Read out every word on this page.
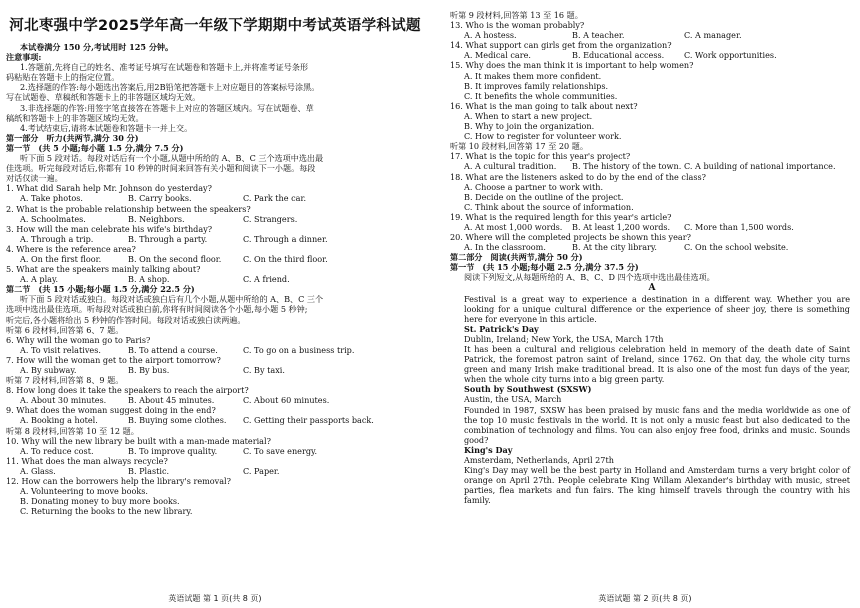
河北枣强中学2025学年高一年级下学期期中考试英语学科试题
本试卷满分 150 分,考试用时 125 分钟。
注意事项:
1.答题前,先将自己的姓名、准考证号填写在试题卷和答题卡上,并将准考证号条形
码粘贴在答题卡上的指定位置。
2.选择题的作答:每小题选出答案后,用2B铅笔把答题卡上对应题目的答案标号涂黑。
写在试题卷、草稿纸和答题卡上的非答题区域均无效。
3.非选择题的作答:用签字笔直接答在答题卡上对应的答题区域内。写在试题卷、草
稿纸和答题卡上的非答题区域均无效。
4.考试结束后,请将本试题卷和答题卡一并上交。
第一部分　听力(共两节,满分 30 分)
第一节　(共 5 小题;每小题 1.5 分,满分 7.5 分)
听下面 5 段对话。每段对话后有一个小题,从题中所给的 A、B、C 三个选项中选出最
佳选项。听完每段对话后,你都有 10 秒钟的时间来回答有关小题和阅读下一小题。每段
对话仅读一遍。
1. What did Sarah help Mr. Johnson do yesterday?
A. Take photos.	B. Carry books.	C. Park the car.
2. What is the probable relationship between the speakers?
A. Schoolmates.	B. Neighbors.	C. Strangers.
3. How will the man celebrate his wife's birthday?
A. Through a trip.	B. Through a party.	C. Through a dinner.
4. Where is the reference area?
A. On the first floor.	B. On the second floor.	C. On the third floor.
5. What are the speakers mainly talking about?
A. A play.	B. A shop.	C. A friend.
第二节　(共 15 小题;每小题 1.5 分,满分 22.5 分)
听下面 5 段对话或独白。每段对话或独白后有几个小题,从题中所给的 A、B、C 三个
选项中选出最佳选项。听每段对话或独白前,你将有时间阅读各个小题,每小题 5 秒钟;
听完后,各小题将给出 5 秒钟的作答时间。每段对话或独白读两遍。
听第 6 段材料,回答第 6、7 题。
6. Why will the woman go to Paris?
A. To visit relatives.	B. To attend a course.	C. To go on a business trip.
7. How will the woman get to the airport tomorrow?
A. By subway.	B. By bus.	C. By taxi.
听第 7 段材料,回答第 8、9 题。
8. How long does it take the speakers to reach the airport?
A. About 30 minutes.	B. About 45 minutes.	C. About 60 minutes.
9. What does the woman suggest doing in the end?
A. Booking a hotel.	B. Buying some clothes.	C. Getting their passports back.
听第 8 段材料,回答第 10 至 12 题。
10. Why will the new library be built with a man-made material?
A. To reduce cost.	B. To improve quality.	C. To save energy.
11. What does the man always recycle?
A. Glass.	B. Plastic.	C. Paper.
12. How can the borrowers help the library's removal?
A. Volunteering to move books.
B. Donating money to buy more books.
C. Returning the books to the new library.
听第 9 段材料,回答第 13 至 16 题。
13. Who is the woman probably?
A. A hostess.	B. A teacher.	C. A manager.
14. What support can girls get from the organization?
A. Medical care.	B. Educational access.	C. Work opportunities.
15. Why does the man think it is important to help women?
A. It makes them more confident.
B. It improves family relationships.
C. It benefits the whole communities.
16. What is the man going to talk about next?
A. When to start a new project.
B. Why to join the organization.
C. How to register for volunteer work.
听第 10 段材料,回答第 17 至 20 题。
17. What is the topic for this year's project?
A. A cultural tradition.	B. The history of the town. C. A building of national importance.
18. What are the listeners asked to do by the end of the class?
A. Choose a partner to work with.
B. Decide on the outline of the project.
C. Think about the source of information.
19. What is the required length for this year's article?
A. At most 1,000 words.	B. At least 1,200 words.	C. More than 1,500 words.
20. Where will the completed projects be shown this year?
A. In the classroom.	B. At the city library.	C. On the school website.
第二部分　阅读(共两节,满分 50 分)
第一节　(共 15 小题;每小题 2.5 分,满分 37.5 分)
阅读下列短文,从每题所给的 A、B、C、D 四个选项中选出最佳选项。
A
Festival is a great way to experience a destination in a different way. Whether you are looking for a unique cultural difference or the experience of sheer joy, there is something here for everyone in this article.
St. Patrick's Day
Dublin, Ireland; New York, the USA, March 17th
It has been a cultural and religious celebration held in memory of the death date of Saint Patrick, the foremost patron saint of Ireland, since 1762. On that day, the whole city turns green and many Irish make traditional bread. It is also one of the most fun days of the year, when the whole city turns into a big green party.
South by Southwest (SXSW)
Austin, the USA, March
Founded in 1987, SXSW has been praised by music fans and the media worldwide as one of the top 10 music festivals in the world. It is not only a music feast but also dedicated to the combination of technology and films. You can also enjoy free food, drinks and music. Sounds good?
King's Day
Amsterdam, Netherlands, April 27th
King's Day may well be the best party in Holland and Amsterdam turns a very bright color of orange on April 27th. People celebrate King Willam Alexander's birthday with music, street parties, flea markets and fun fairs. The king himself travels through the country with his family.
英语试题 第 1 页(共 8 页)	英语试题 第 2 页(共 8 页)
